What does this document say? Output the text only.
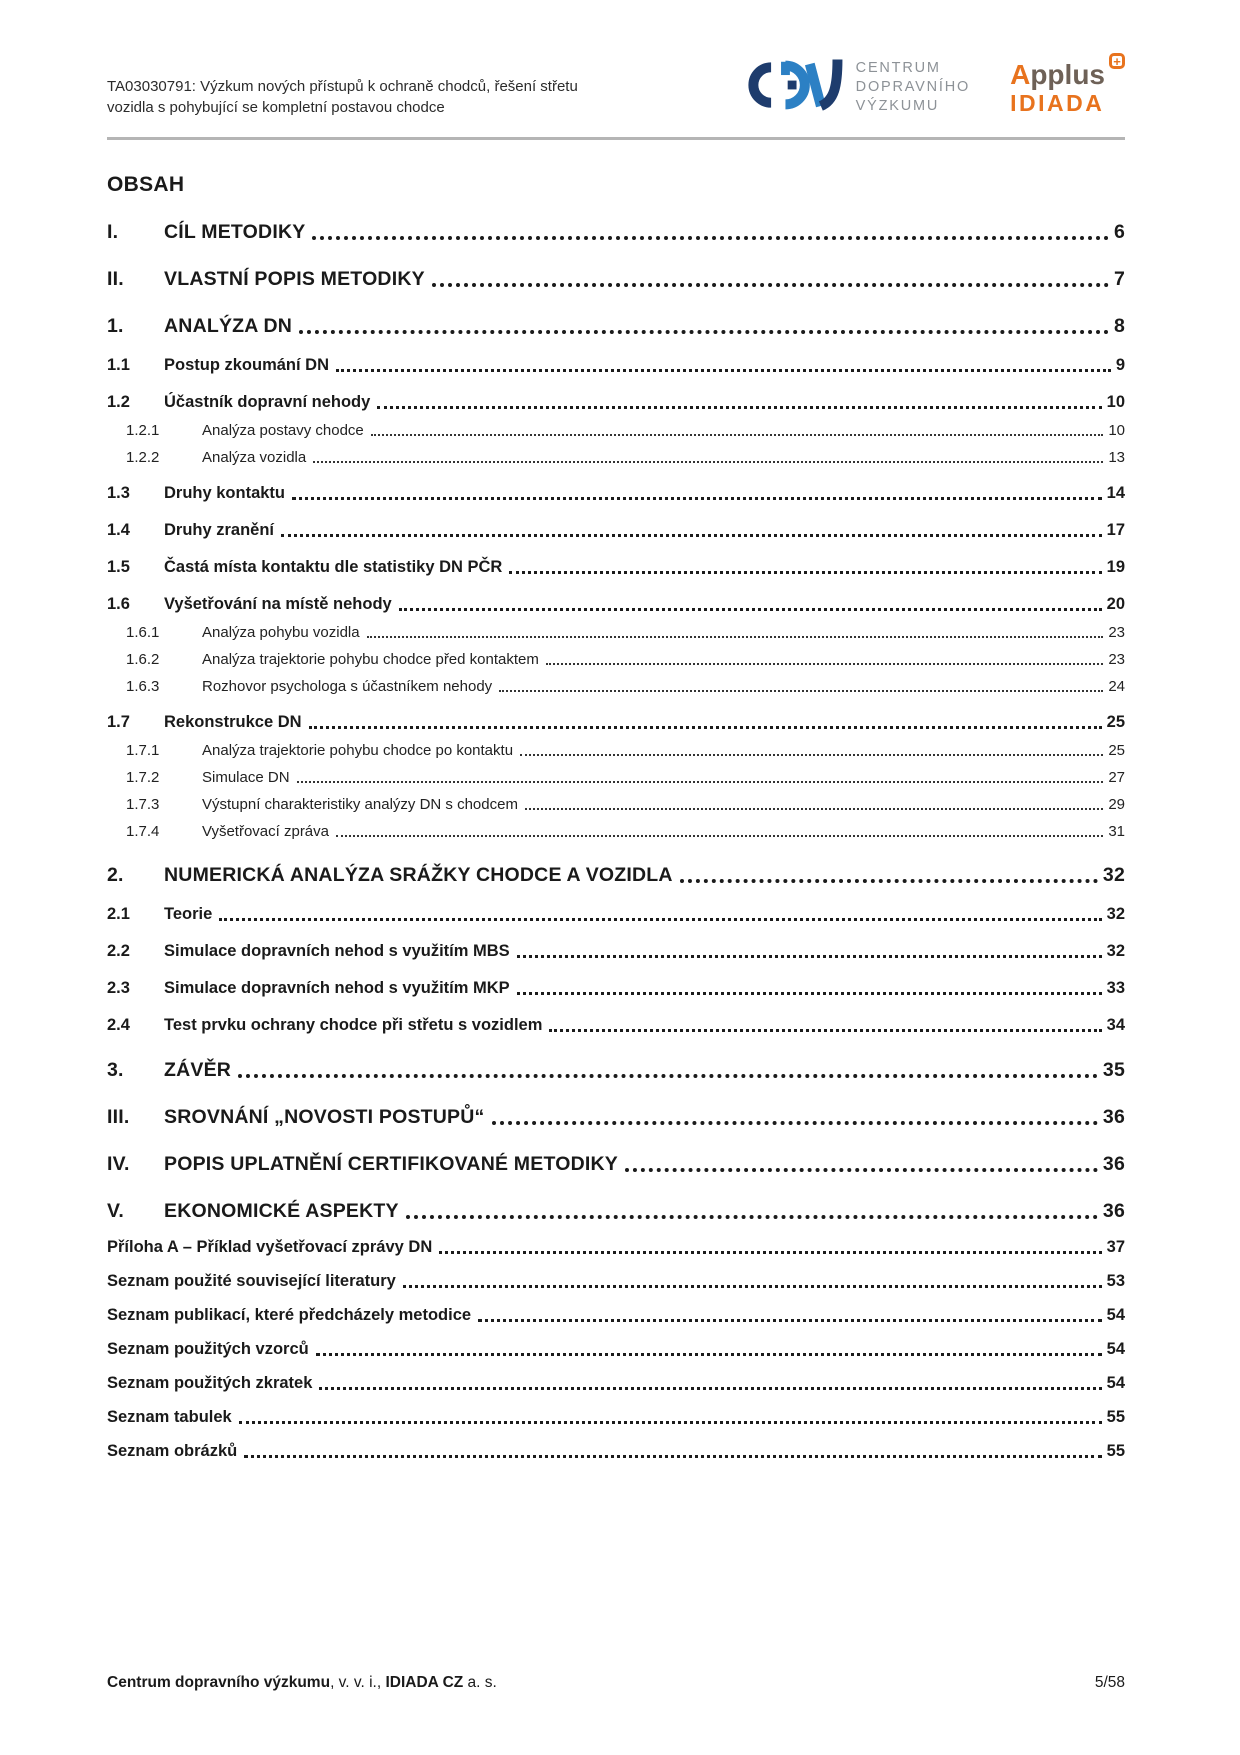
TA03030791: Výzkum nových přístupů k ochraně chodců, řešení střetu
vozidla s pohybující se kompletní postavou chodce
CENTRUM
DOPRAVNÍHO
VÝZKUMU
Applus +
IDIADA
OBSAH
I.	CÍL METODIKY	6
II.	VLASTNÍ POPIS METODIKY	7
1.	ANALÝZA DN	8
1.1	Postup zkoumání DN	9
1.2	Účastník dopravní nehody	10
1.2.1	Analýza postavy chodce	10
1.2.2	Analýza vozidla	13
1.3	Druhy kontaktu	14
1.4	Druhy zranění	17
1.5	Častá místa kontaktu dle statistiky DN PČR	19
1.6	Vyšetřování na místě nehody	20
1.6.1	Analýza pohybu vozidla	23
1.6.2	Analýza trajektorie pohybu chodce před kontaktem	23
1.6.3	Rozhovor psychologa s účastníkem nehody	24
1.7	Rekonstrukce DN	25
1.7.1	Analýza trajektorie pohybu chodce po kontaktu	25
1.7.2	Simulace DN	27
1.7.3	Výstupní charakteristiky analýzy DN s chodcem	29
1.7.4	Vyšetřovací zpráva	31
2.	NUMERICKÁ ANALÝZA SRÁŽKY CHODCE A VOZIDLA	32
2.1	Teorie	32
2.2	Simulace dopravních nehod s využitím MBS	32
2.3	Simulace dopravních nehod s využitím MKP	33
2.4	Test prvku ochrany chodce při střetu s vozidlem	34
3.	ZÁVĚR	35
III.	SROVNÁNÍ „NOVOSTI POSTUPŮ“	36
IV.	POPIS UPLATNĚNÍ CERTIFIKOVANÉ METODIKY	36
V.	EKONOMICKÉ ASPEKTY	36
Příloha A – Příklad vyšetřovací zprávy DN	37
Seznam použité související literatury	53
Seznam publikací, které předcházely metodice	54
Seznam použitých vzorců	54
Seznam použitých zkratek	54
Seznam tabulek	55
Seznam obrázků	55
Centrum dopravního výzkumu, v. v. i., IDIADA CZ a. s.	5/58
